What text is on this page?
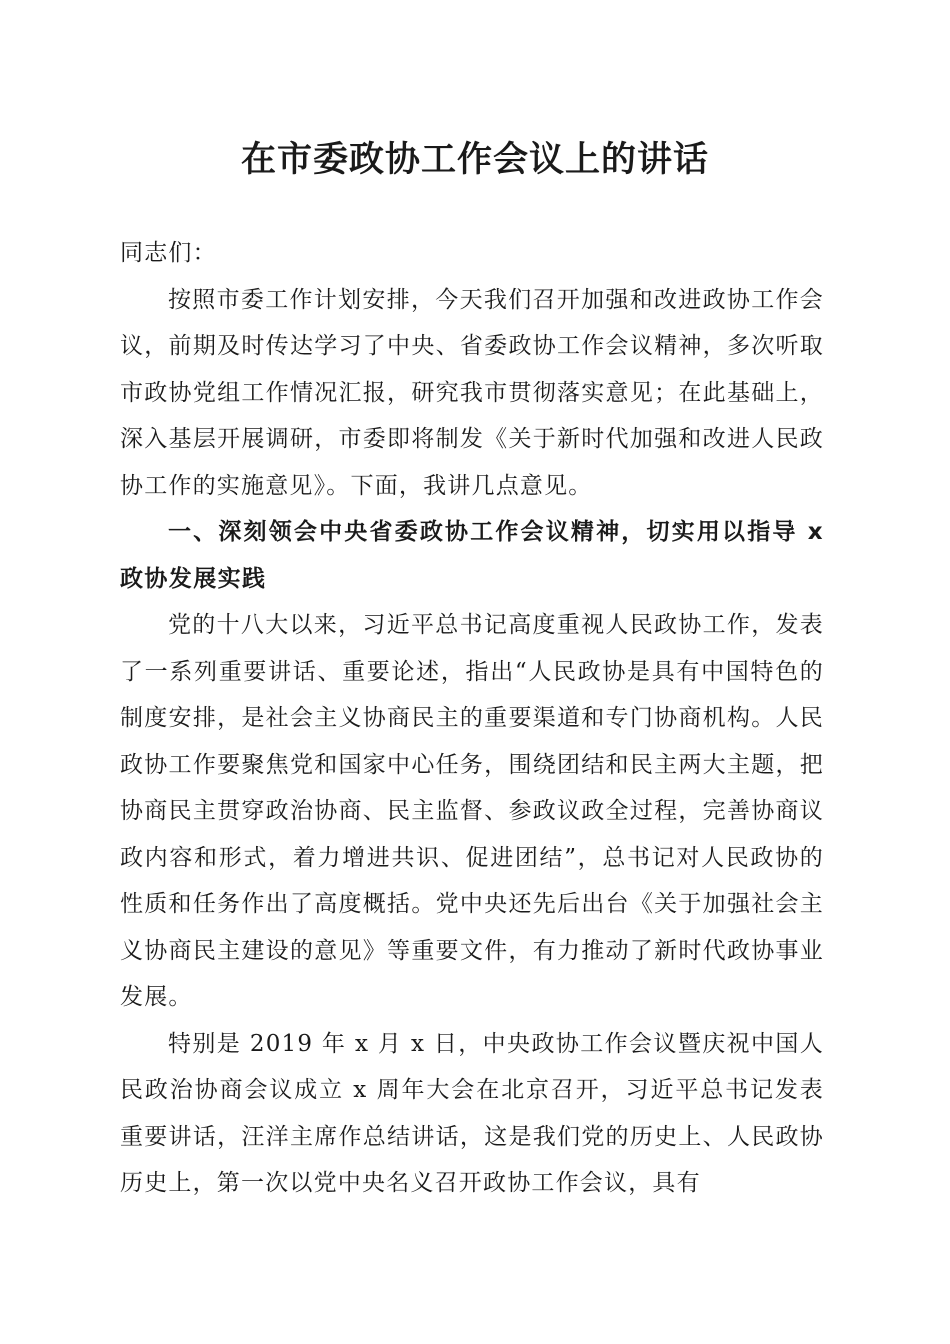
在市委政协工作会议上的讲话

同志们：

按照市委工作计划安排，今天我们召开加强和改进政协工作会议，前期及时传达学习了中央、省委政协工作会议精神，多次听取市政协党组工作情况汇报，研究我市贯彻落实意见；在此基础上，深入基层开展调研，市委即将制发《关于新时代加强和改进人民政协工作的实施意见》。下面，我讲几点意见。

一、深刻领会中央省委政协工作会议精神，切实用以指导 x 政协发展实践

党的十八大以来，习近平总书记高度重视人民政协工作，发表了一系列重要讲话、重要论述，指出“人民政协是具有中国特色的制度安排，是社会主义协商民主的重要渠道和专门协商机构。人民政协工作要聚焦党和国家中心任务，围绕团结和民主两大主题，把协商民主贯穿政治协商、民主监督、参政议政全过程，完善协商议政内容和形式，着力增进共识、促进团结”，总书记对人民政协的性质和任务作出了高度概括。党中央还先后出台《关于加强社会主义协商民主建设的意见》等重要文件，有力推动了新时代政协事业发展。

特别是 2019 年 x 月 x 日，中央政协工作会议暨庆祝中国人民政治协商会议成立 x 周年大会在北京召开，习近平总书记发表重要讲话，汪洋主席作总结讲话，这是我们党的历史上、人民政协历史上，第一次以党中央名义召开政协工作会议，具有
